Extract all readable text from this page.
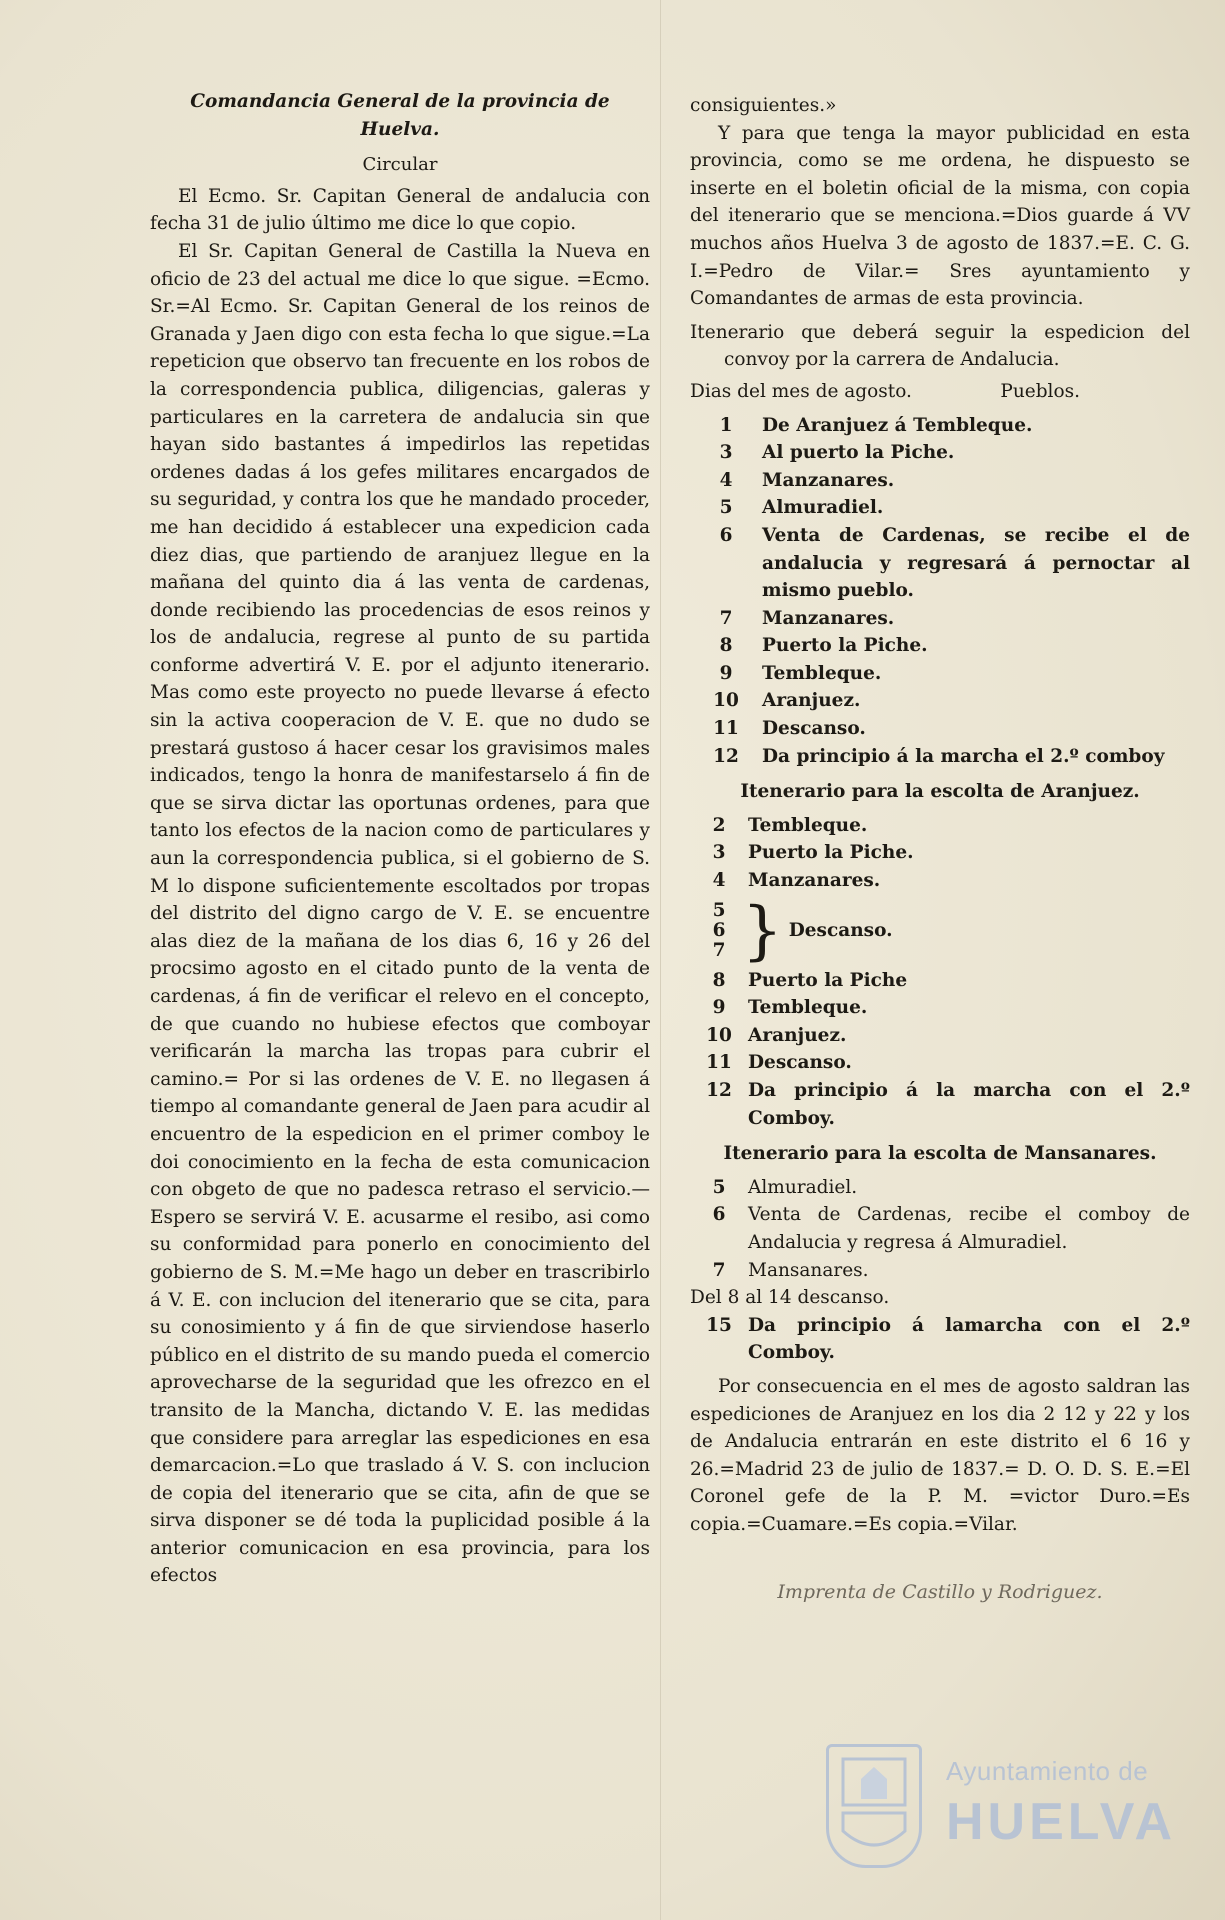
Comandancia General de la provincia de Huelva.

Circular

El Ecmo. Sr. Capitan General de andalucia con fecha 31 de julio último me dice lo que copio.

El Sr. Capitan General de Castilla la Nueva en oficio de 23 del actual me dice lo que sigue. =Ecmo. Sr.=Al Ecmo. Sr. Capitan General de los reinos de Granada y Jaen digo con esta fecha lo que sigue.=La repeticion que observo tan frecuente en los robos de la correspondencia publica, diligencias, galeras y particulares en la carretera de andalucia sin que hayan sido bastantes á impedirlos las repetidas ordenes dadas á los gefes militares encargados de su seguridad, y contra los que he mandado proceder, me han decidido á establecer una expedicion cada diez dias, que partiendo de aranjuez llegue en la mañana del quinto dia á las venta de cardenas, donde recibiendo las procedencias de esos reinos y los de andalucia, regrese al punto de su partida conforme advertirá V. E. por el adjunto itenerario. Mas como este proyecto no puede llevarse á efecto sin la activa cooperacion de V. E. que no dudo se prestará gustoso á hacer cesar los gravisimos males indicados, tengo la honra de manifestarselo á fin de que se sirva dictar las oportunas ordenes, para que tanto los efectos de la nacion como de particulares y aun la correspondencia publica, si el gobierno de S. M lo dispone suficientemente escoltados por tropas del distrito del digno cargo de V. E. se encuentre alas diez de la mañana de los dias 6, 16 y 26 del procsimo agosto en el citado punto de la venta de cardenas, á fin de verificar el relevo en el concepto, de que cuando no hubiese efectos que comboyar verificarán la marcha las tropas para cubrir el camino.= Por si las ordenes de V. E. no llegasen á tiempo al comandante general de Jaen para acudir al encuentro de la espedicion en el primer comboy le doi conocimiento en la fecha de esta comunicacion con obgeto de que no padesca retraso el servicio.— Espero se servirá V. E. acusarme el resibo, asi como su conformidad para ponerlo en conocimiento del gobierno de S. M.=Me hago un deber en trascribirlo á V. E. con inclucion del itenerario que se cita, para su conosimiento y á fin de que sirviendose haserlo público en el distrito de su mando pueda el comercio aprovecharse de la seguridad que les ofrezco en el transito de la Mancha, dictando V. E. las medidas que considere para arreglar las espediciones en esa demarcacion.=Lo que traslado á V. S. con inclucion de copia del itenerario que se cita, afin de que se sirva disponer se dé toda la puplicidad posible á la anterior comunicacion en esa provincia, para los efectos

consiguientes.»

Y para que tenga la mayor publicidad en esta provincia, como se me ordena, he dispuesto se inserte en el boletin oficial de la misma, con copia del itenerario que se menciona.=Dios guarde á VV muchos años Huelva 3 de agosto de 1837.=E. C. G. I.=Pedro de Vilar.= Sres ayuntamiento y Comandantes de armas de esta provincia.

Itenerario que deberá seguir la espedicion del convoy por la carrera de Andalucia.

Dias del mes de agosto.	Pueblos.
1	De Aranjuez á Tembleque.
3	Al puerto la Piche.
4	Manzanares.
5	Almuradiel.
6	Venta de Cardenas, se recibe el de andalucia y regresará á pernoctar al mismo pueblo.
7	Manzanares.
8	Puerto la Piche.
9	Tembleque.
10	Aranjuez.
11	Descanso.
12	Da principio á la marcha el 2.º comboy

Itenerario para la escolta de Aranjuez.

2	Tembleque.
3	Puerto la Piche.
4	Manzanares.
5
6
7 } Descanso.
8	Puerto la Piche
9	Tembleque.
10 Aranjuez.
11 Descanso.
12 Da principio á la marcha con el 2.º Comboy.

Itenerario para la escolta de Mansanares.

5	Almuradiel.
6	Venta de Cardenas, recibe el comboy de Andalucia y regresa á Almuradiel.
7	Mansanares.

Del 8 al 14 descanso.

15 Da principio á lamarcha con el 2.º Comboy.

Por consecuencia en el mes de agosto saldran las espediciones de Aranjuez en los dia 2 12 y 22 y los de Andalucia entrarán en este distrito el 6 16 y 26.=Madrid 23 de julio de 1837.= D. O. D. S. E.=El Coronel gefe de la P. M. =victor Duro.=Es copia.=Cuamare.=Es copia.=Vilar.

Imprenta de Castillo y Rodriguez.

Ayuntamiento de
HUELVA
